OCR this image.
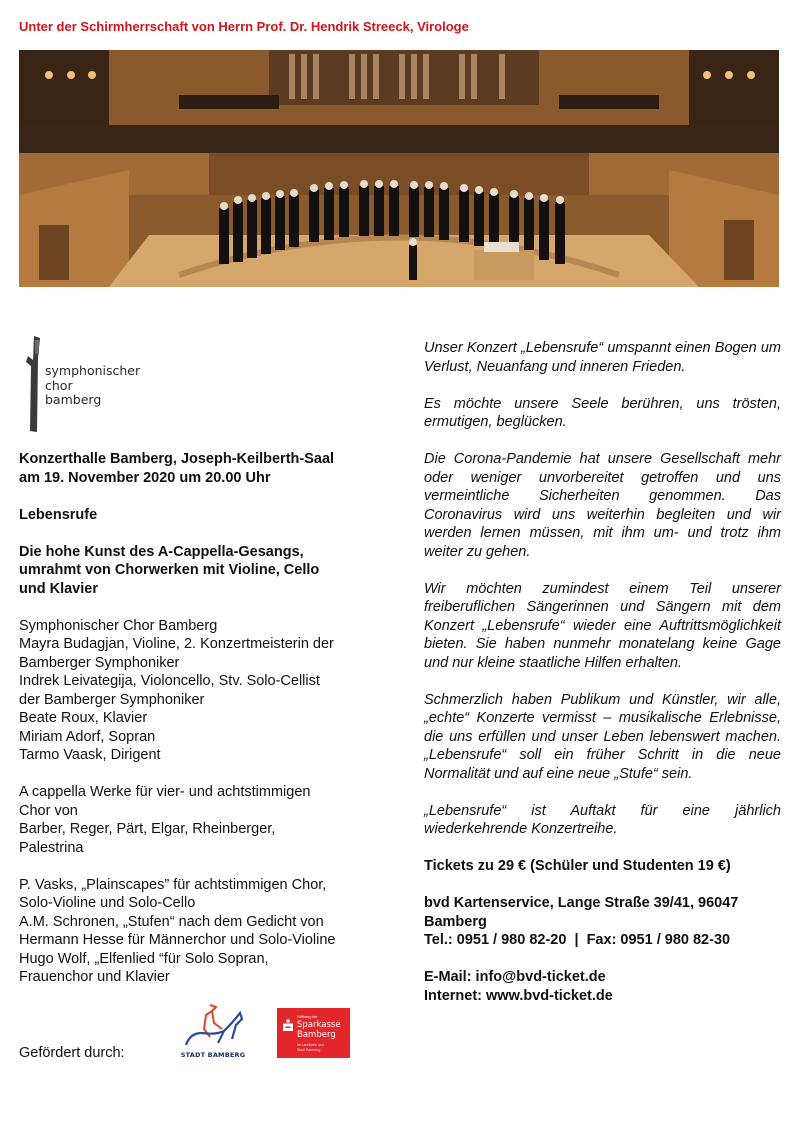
Unter der Schirmherrschaft von Herrn Prof. Dr. Hendrik Streeck, Virologe
symphonischer
chor
bamberg

Konzerthalle Bamberg, Joseph-Keilberth-Saal
am 19. November 2020 um 20.00 Uhr

Lebensrufe

Die hohe Kunst des A-Cappella-Gesangs,
umrahmt von Chorwerken mit Violine, Cello
und Klavier

Symphonischer Chor Bamberg
Mayra Budagjan, Violine, 2. Konzertmeisterin der
Bamberger Symphoniker
Indrek Leivategija, Violoncello, Stv. Solo-Cellist
der Bamberger Symphoniker
Beate Roux, Klavier
Miriam Adorf, Sopran
Tarmo Vaask, Dirigent

A cappella Werke für vier- und achtstimmigen
Chor von
Barber, Reger, Pärt, Elgar, Rheinberger,
Palestrina

P. Vasks, „Plainscapes” für achtstimmigen Chor,
Solo-Violine und Solo-Cello
A.M. Schronen, „Stufen“ nach dem Gedicht von
Hermann Hesse für Männerchor und Solo-Violine
Hugo Wolf, „Elfenlied “für Solo Sopran,
Frauenchor und Klavier

Gefördert durch:	STADT BAMBERG
Stiftung der
Sparkasse
Bamberg
im Landkreis und
Stadt Bamberg

Unser Konzert „Lebensrufe“ umspannt einen Bogen um Verlust, Neuanfang und inneren Frieden.

Es möchte unsere Seele berühren, uns trösten, ermutigen, beglücken.

Die Corona-Pandemie hat unsere Gesellschaft mehr oder weniger unvorbereitet getroffen und uns vermeintliche Sicherheiten genommen. Das Coronavirus wird uns weiterhin begleiten und wir werden lernen müssen, mit ihm um- und trotz ihm weiter zu gehen.

Wir möchten zumindest einem Teil unserer freiberuflichen Sängerinnen und Sängern mit dem Konzert „Lebensrufe“ wieder eine Auftrittsmöglichkeit bieten. Sie haben nunmehr monatelang keine Gage und nur kleine staatliche Hilfen erhalten.

Schmerzlich haben Publikum und Künstler, wir alle, „echte“ Konzerte vermisst – musikalische Erlebnisse, die uns erfüllen und unser Leben lebenswert machen. „Lebensrufe“ soll ein früher Schritt in die neue Normalität und auf eine neue „Stufe“ sein.

„Lebensrufe“ ist Auftakt für eine jährlich wiederkehrende Konzertreihe.

Tickets zu 29 € (Schüler und Studenten 19 €)
bvd Kartenservice, Lange Straße 39/41, 96047
Bamberg
Tel.: 0951 / 980 82-20  |  Fax: 0951 / 980 82-30
E-Mail: info@bvd-ticket.de
Internet: www.bvd-ticket.de
